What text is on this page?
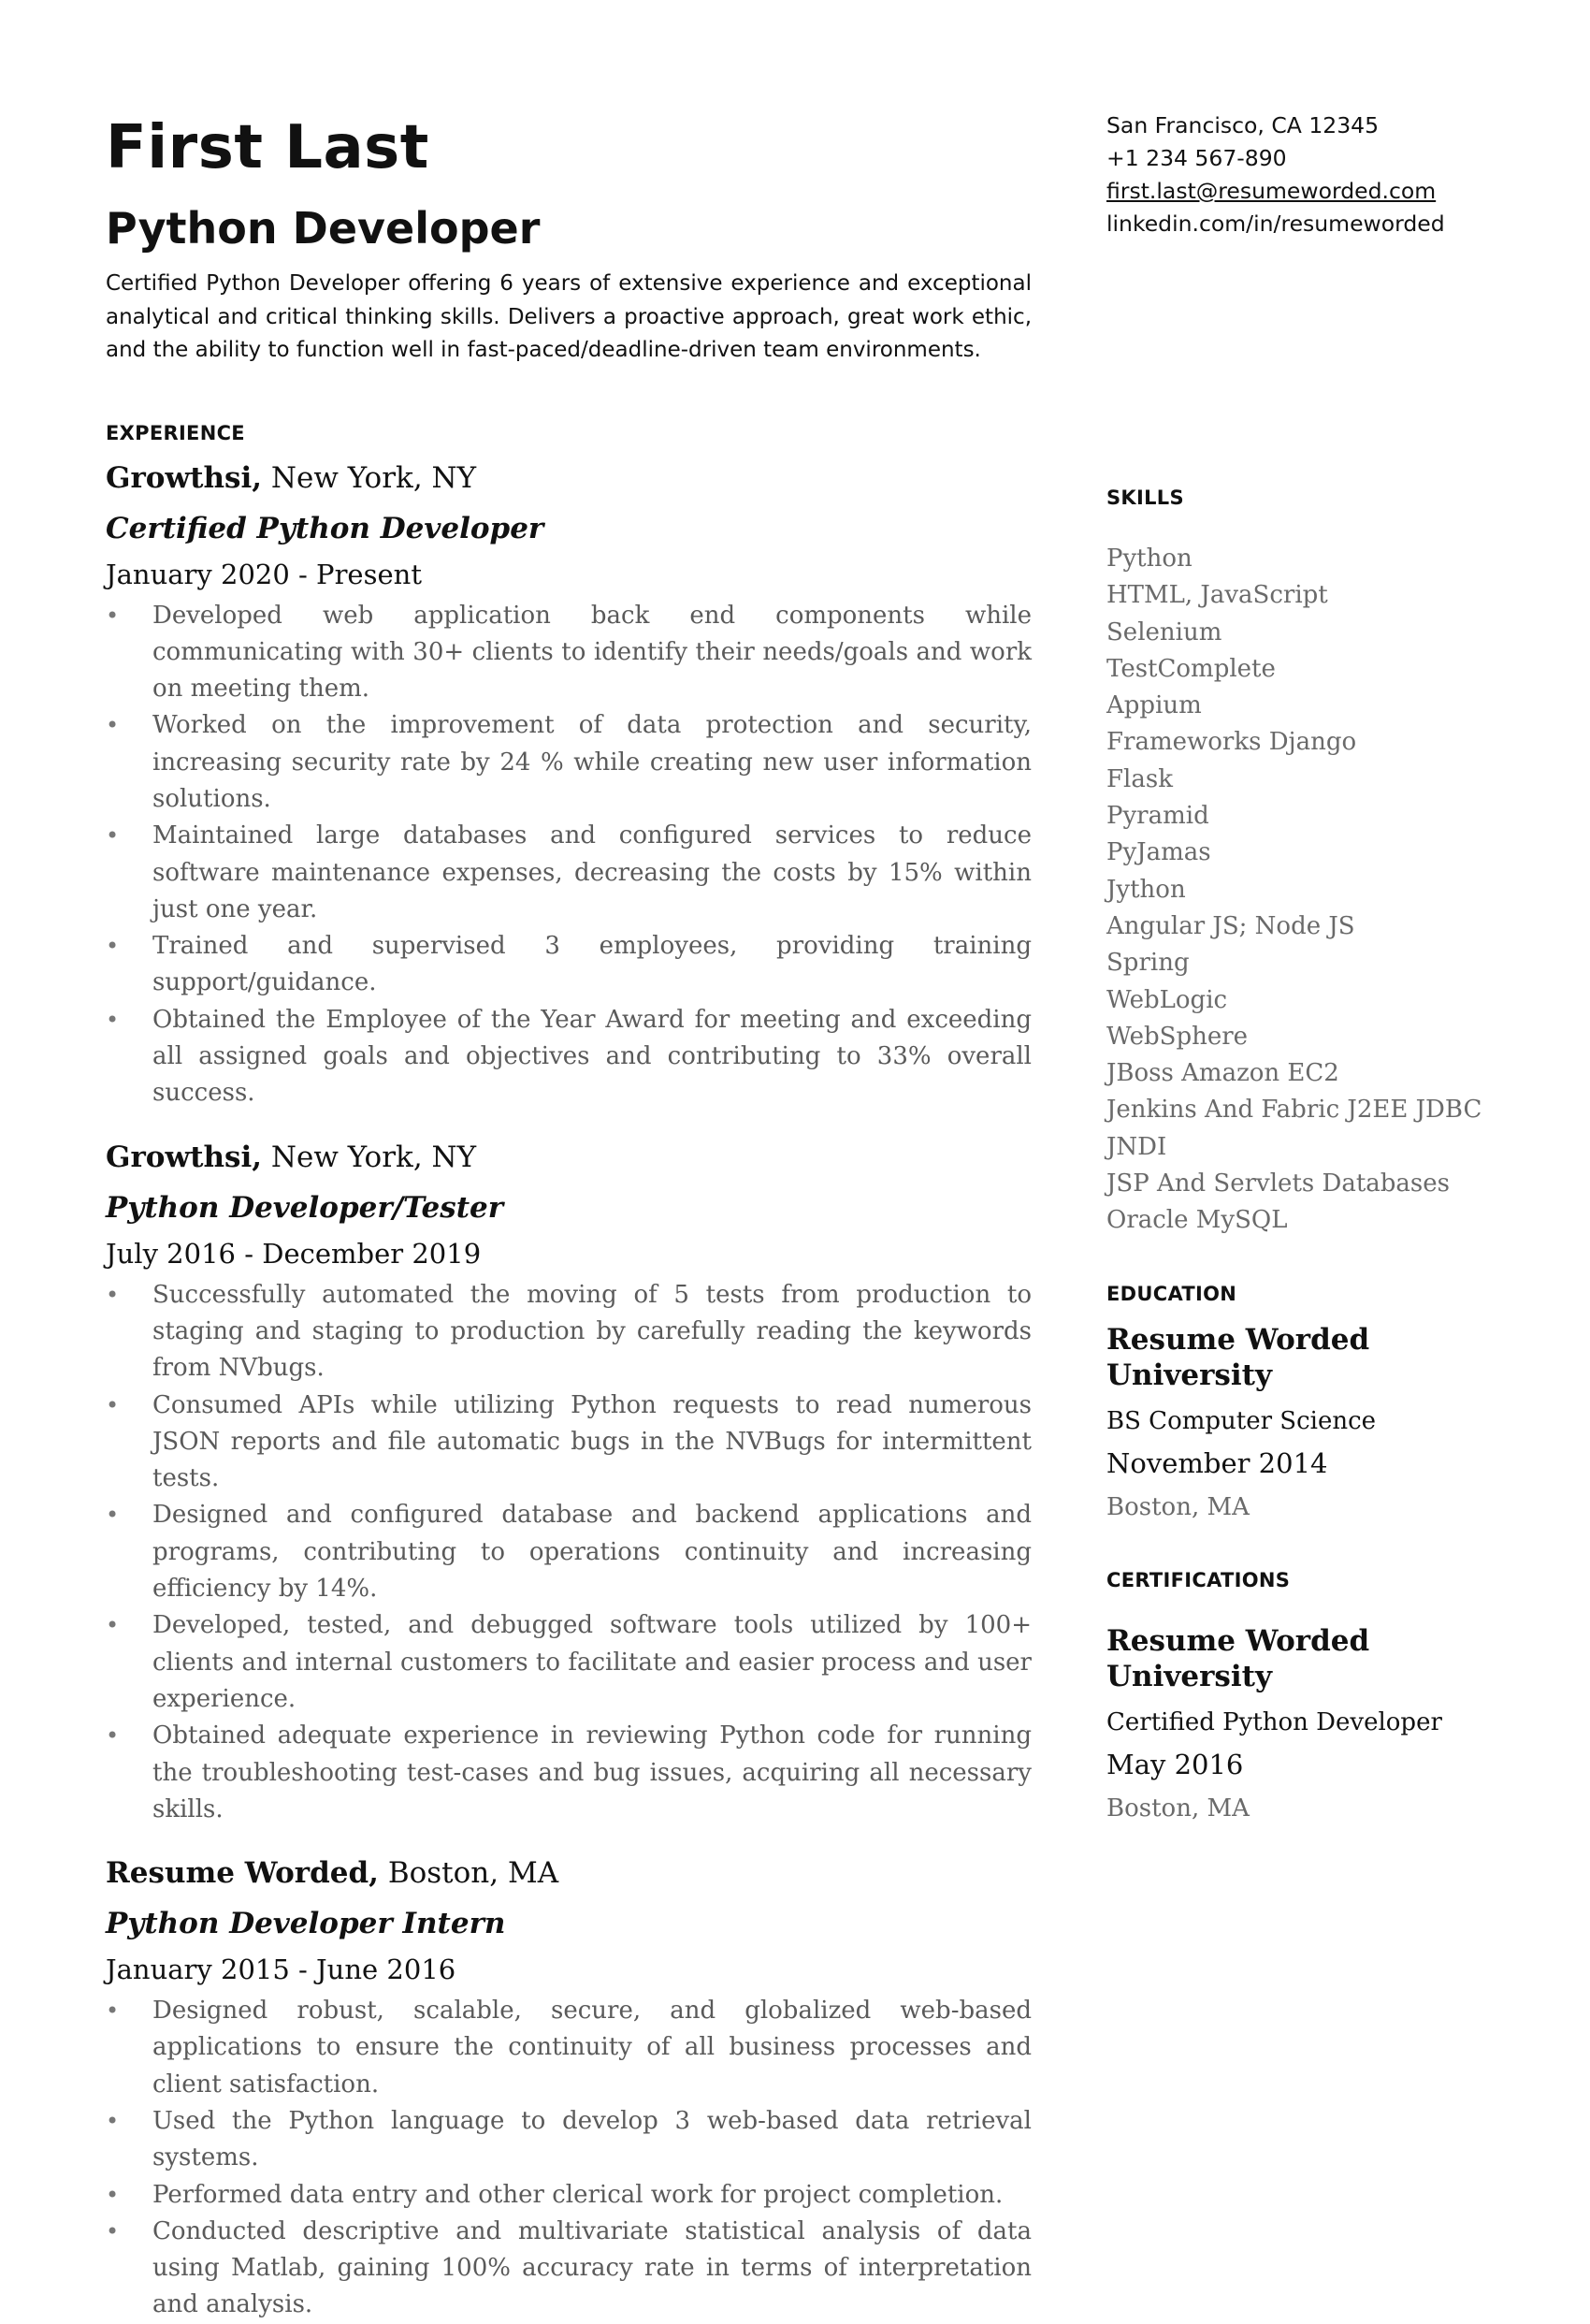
First Last
Python Developer

Certified Python Developer offering 6 years of extensive experience and exceptional analytical and critical thinking skills. Delivers a proactive approach, great work ethic, and the ability to function well in fast-paced/deadline-driven team environments.

EXPERIENCE

Growthsi, New York, NY

Certified Python Developer

January 2020 - Present

• Developed web application back end components while communicating with 30+ clients to identify their needs/goals and work on meeting them.
• Worked on the improvement of data protection and security, increasing security rate by 24 % while creating new user information solutions.
• Maintained large databases and configured services to reduce software maintenance expenses, decreasing the costs by 15% within just one year.
• Trained and supervised 3 employees, providing training support/guidance.
• Obtained the Employee of the Year Award for meeting and exceeding all assigned goals and objectives and contributing to 33% overall success.

Growthsi, New York, NY

Python Developer/Tester

July 2016 - December 2019

• Successfully automated the moving of 5 tests from production to staging and staging to production by carefully reading the keywords from NVbugs.
• Consumed APIs while utilizing Python requests to read numerous JSON reports and file automatic bugs in the NVBugs for intermittent tests.
• Designed and configured database and backend applications and programs, contributing to operations continuity and increasing efficiency by 14%.
• Developed, tested, and debugged software tools utilized by 100+ clients and internal customers to facilitate and easier process and user experience.
• Obtained adequate experience in reviewing Python code for running the troubleshooting test-cases and bug issues, acquiring all necessary skills.

Resume Worded, Boston, MA

Python Developer Intern

January 2015 - June 2016

• Designed robust, scalable, secure, and globalized web-based applications to ensure the continuity of all business processes and client satisfaction.
• Used the Python language to develop 3 web-based data retrieval systems.
• Performed data entry and other clerical work for project completion.
• Conducted descriptive and multivariate statistical analysis of data using Matlab, gaining 100% accuracy rate in terms of interpretation and analysis.

San Francisco, CA 12345

+1 234 567-890

first.last@resumeworded.com

linkedin.com/in/resumeworded

SKILLS
Python
HTML, JavaScript
Selenium
TestComplete
Appium
Frameworks Django
Flask
Pyramid
PyJamas
Jython
Angular JS; Node JS
Spring
WebLogic
WebSphere
JBoss Amazon EC2
Jenkins And Fabric J2EE JDBC
JNDI
JSP And Servlets Databases
Oracle MySQL
EDUCATION

Resume Worded University

BS Computer Science

November 2014

Boston, MA

CERTIFICATIONS

Resume Worded University

Certified Python Developer

May 2016

Boston, MA
